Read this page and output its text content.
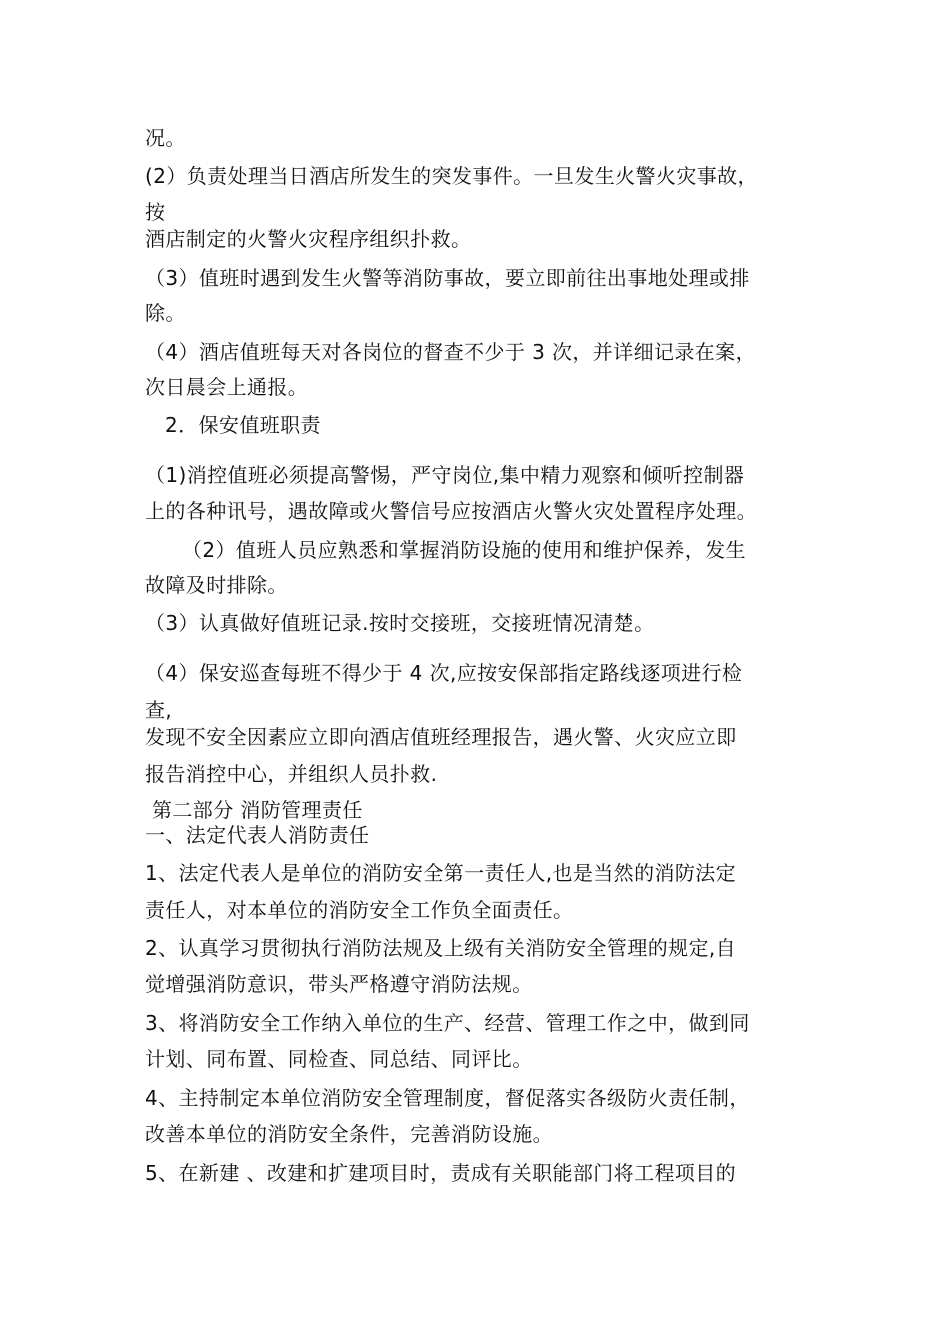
况。

(2）负责处理当日酒店所发生的突发事件。一旦发生火警火灾事故，

按

酒店制定的火警火灾程序组织扑救。

（3）值班时遇到发生火警等消防事故，要立即前往出事地处理或排

除。

（4）酒店值班每天对各岗位的督查不少于 3 次，并详细记录在案，

次日晨会上通报。

2．保安值班职责

（1)消控值班必须提高警惕，严守岗位,集中精力观察和倾听控制器

上的各种讯号，遇故障或火警信号应按酒店火警火灾处置程序处理。

（2）值班人员应熟悉和掌握消防设施的使用和维护保养，发生

故障及时排除。

（3）认真做好值班记录.按时交接班，交接班情况清楚。

（4）保安巡查每班不得少于 4 次,应按安保部指定路线逐项进行检

查,

发现不安全因素应立即向酒店值班经理报告，遇火警、火灾应立即

报告消控中心，并组织人员扑救.

第二部分 消防管理责任

一、法定代表人消防责任

1、法定代表人是单位的消防安全第一责任人,也是当然的消防法定

责任人，对本单位的消防安全工作负全面责任。

2、认真学习贯彻执行消防法规及上级有关消防安全管理的规定,自

觉增强消防意识，带头严格遵守消防法规。

3、将消防安全工作纳入单位的生产、经营、管理工作之中，做到同

计划、同布置、同检查、同总结、同评比。

4、主持制定本单位消防安全管理制度，督促落实各级防火责任制，

改善本单位的消防安全条件，完善消防设施。

5、在新建 、改建和扩建项目时，责成有关职能部门将工程项目的
